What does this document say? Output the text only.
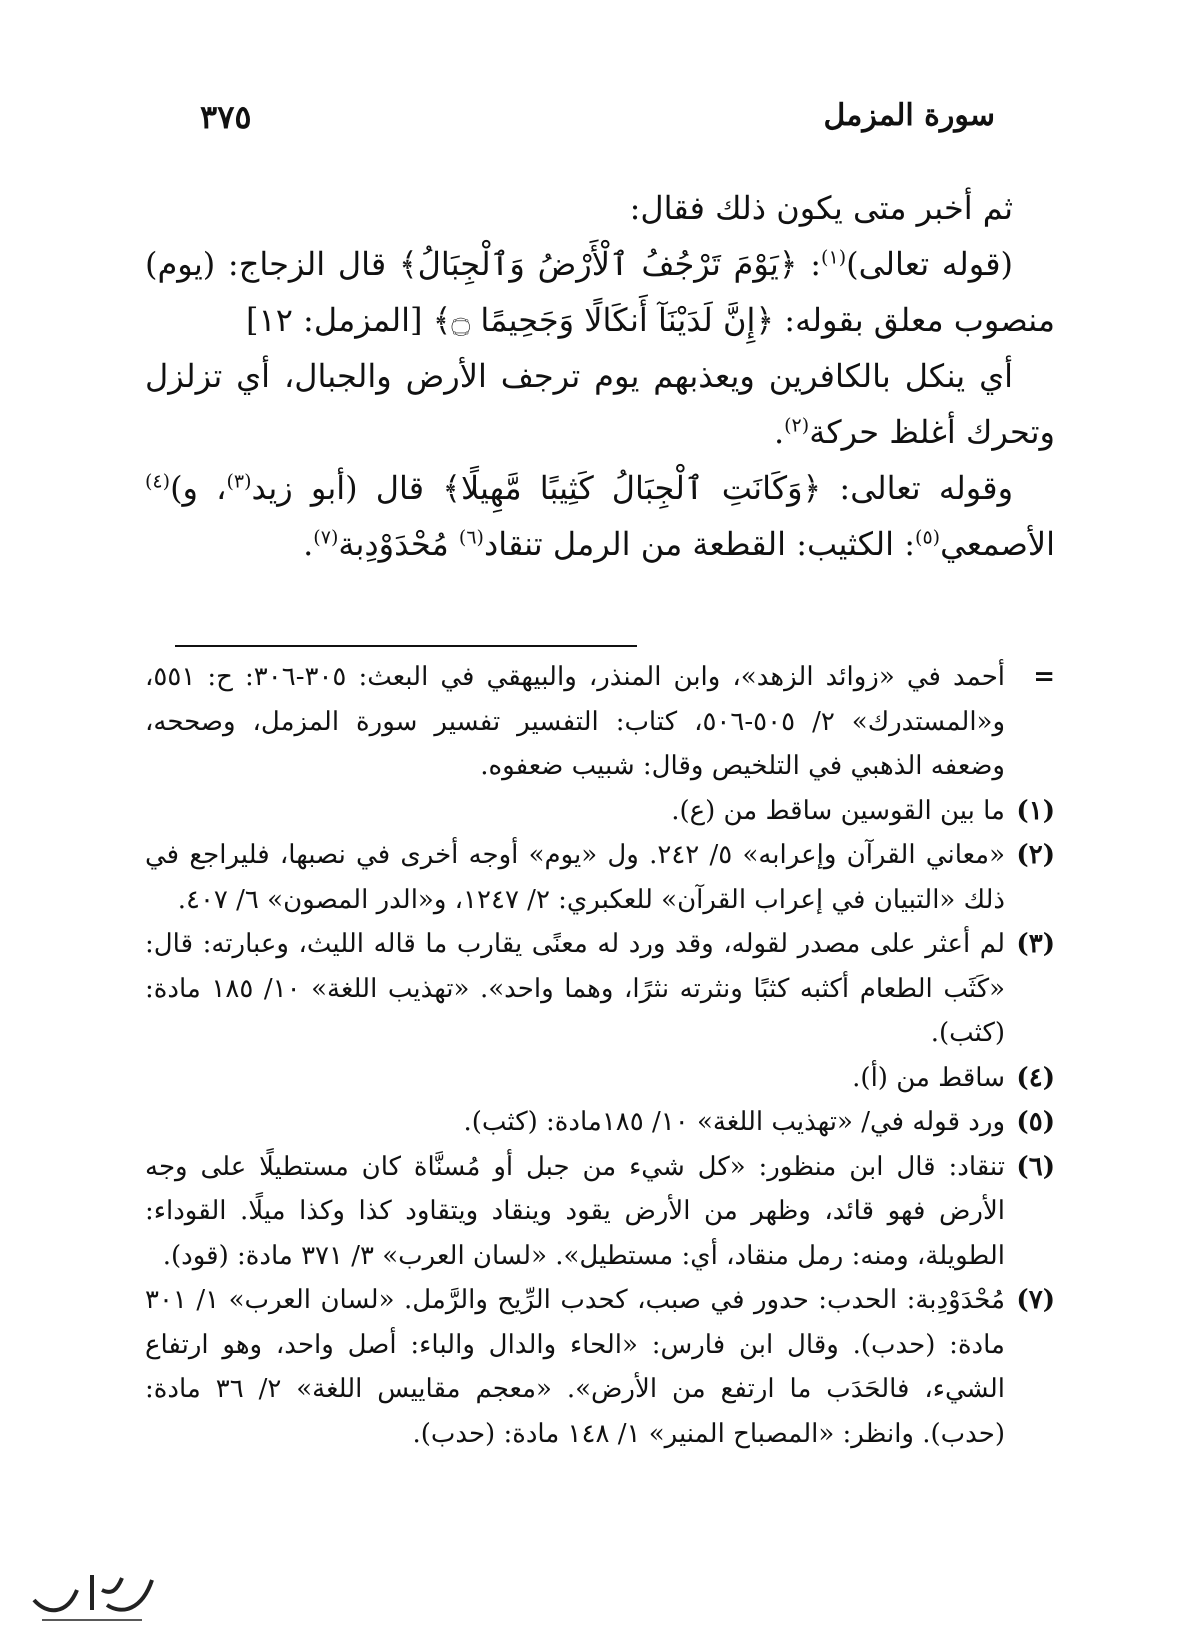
سورة المزمل
٣٧٥

ثم أخبر متى يكون ذلك فقال:

(قوله تعالى)$^{(١)}$: ﴿يَوْمَ تَرْجُفُ ٱلْأَرْضُ وَٱلْجِبَالُ﴾ قال الزجاج: (يوم) منصوب معلق بقوله: ﴿إِنَّ لَدَيْنَآ أَنكَالًا وَجَحِيمًا ۝﴾ [المزمل: ١٢]

أي ينكل بالكافرين ويعذبهم يوم ترجف الأرض والجبال، أي تزلزل وتحرك أغلظ حركة$^{(٢)}$.

وقوله تعالى: ﴿وَكَانَتِ ٱلْجِبَالُ كَثِيبًا مَّهِيلًا﴾ قال (أبو زيد$^{(٣)}$، و)$^{(٤)}$ الأصمعي$^{(٥)}$: الكثيب: القطعة من الرمل تنقاد$^{(٦)}$ مُحْدَوْدِبة$^{(٧)}$.

=
أحمد في «زوائد الزهد»، وابن المنذر، والبيهقي في البعث: ٣٠٥-٣٠٦: ح: ٥٥١، و«المستدرك» ٢/ ٥٠٥-٥٠٦، كتاب: التفسير تفسير سورة المزمل، وصححه، وضعفه الذهبي في التلخيص وقال: شبيب ضعفوه.
(١)
ما بين القوسين ساقط من (ع).
(٢)
«معاني القرآن وإعرابه» ٥/ ٢٤٢. ول «يوم» أوجه أخرى في نصبها، فليراجع في ذلك «التبيان في إعراب القرآن» للعكبري: ٢/ ١٢٤٧، و«الدر المصون» ٦/ ٤٠٧.
(٣)
لم أعثر على مصدر لقوله، وقد ورد له معنًى يقارب ما قاله الليث، وعبارته: قال: «كَثَب الطعام أكثبه كثبًا ونثرته نثرًا، وهما واحد». «تهذيب اللغة» ١٠/ ١٨٥ مادة: (كثب).
(٤)
ساقط من (أ).
(٥)
ورد قوله في/ «تهذيب اللغة» ١٠/ ١٨٥مادة: (كثب).
(٦)
تنقاد: قال ابن منظور: «كل شيء من جبل أو مُسنَّاة كان مستطيلًا على وجه الأرض فهو قائد، وظهر من الأرض يقود وينقاد ويتقاود كذا وكذا ميلًا. القوداء: الطويلة، ومنه: رمل منقاد، أي: مستطيل». «لسان العرب» ٣/ ٣٧١ مادة: (قود).
(٧)
مُحْدَوْدِبة: الحدب: حدور في صبب، كحدب الرِّيح والرَّمل. «لسان العرب» ١/ ٣٠١ مادة: (حدب). وقال ابن فارس: «الحاء والدال والباء: أصل واحد، وهو ارتفاع الشيء، فالحَدَب ما ارتفع من الأرض». «معجم مقاييس اللغة» ٢/ ٣٦ مادة: (حدب). وانظر: «المصباح المنير» ١/ ١٤٨ مادة: (حدب).
